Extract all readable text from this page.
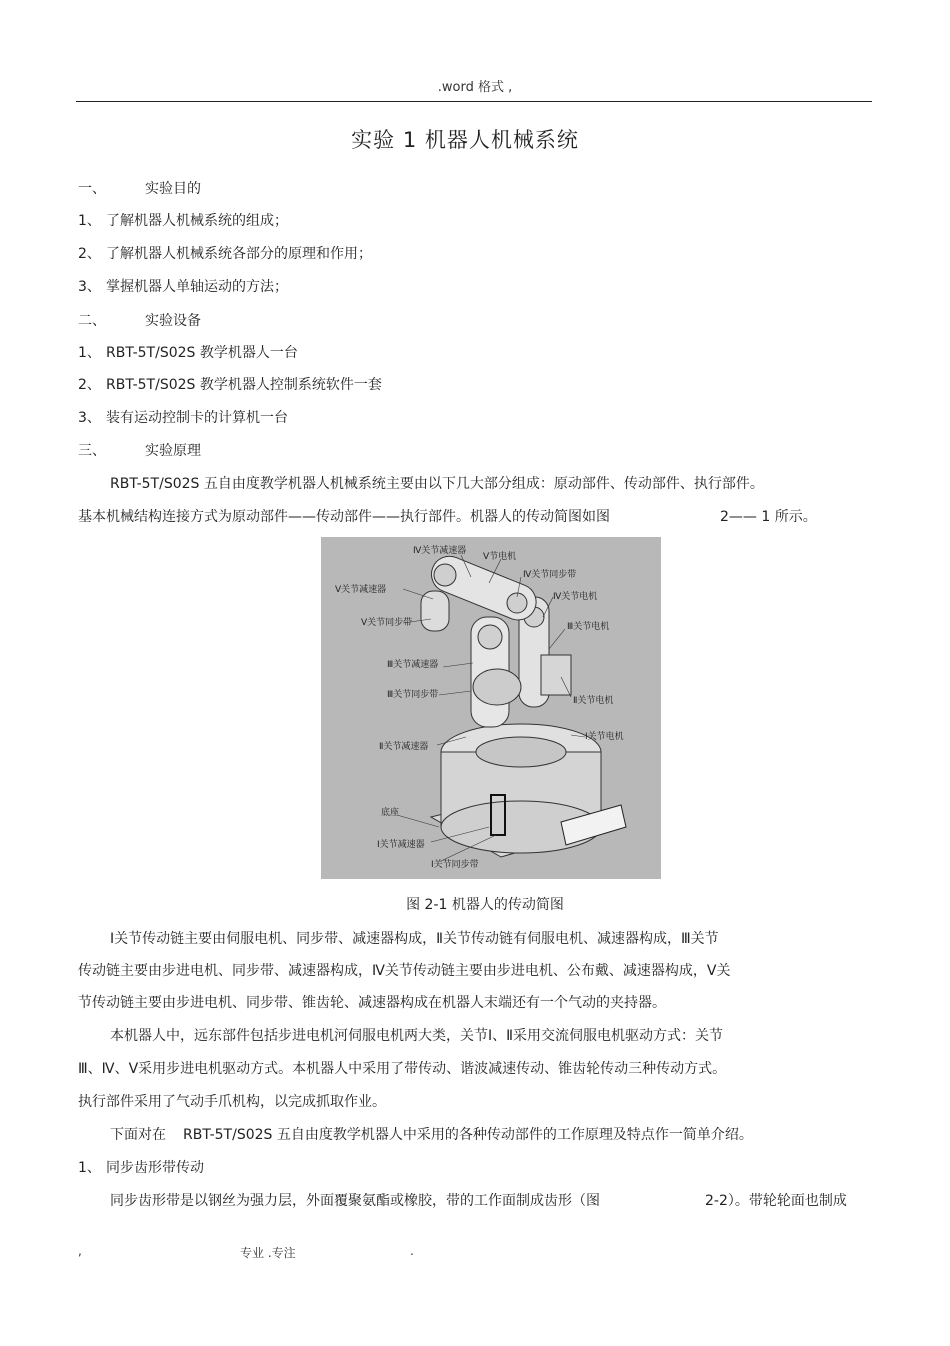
.word 格式 ,
实验 1 机器人机械系统
一、	实验目的
1、 了解机器人机械系统的组成；
2、 了解机器人机械系统各部分的原理和作用；
3、 掌握机器人单轴运动的方法；
二、	实验设备
1、 RBT-5T/S02S 教学机器人一台
2、 RBT-5T/S02S 教学机器人控制系统软件一套
3、 装有运动控制卡的计算机一台
三、	实验原理
RBT-5T/S02S 五自由度教学机器人机械系统主要由以下几大部分组成：原动部件、传动部件、执行部件。
基本机械结构连接方式为原动部件——传动部件——执行部件。机器人的传动简图如图	2—— 1 所示。
Ⅳ关节减速器
Ⅴ节电机
Ⅴ关节减速器
Ⅳ关节同步带
Ⅳ关节电机
Ⅴ关节同步带	Ⅲ关节电机
Ⅲ关节减速器
Ⅲ关节同步带
Ⅱ关节电机
Ⅱ关节减速器
Ⅰ关节电机
底座
Ⅰ关节减速器
Ⅰ关节同步带
图 2-1 机器人的传动简图
Ⅰ关节传动链主要由伺服电机、同步带、减速器构成，Ⅱ关节传动链有伺服电机、减速器构成，Ⅲ关节
传动链主要由步进电机、同步带、减速器构成，Ⅳ关节传动链主要由步进电机、公布戴、减速器构成，Ⅴ关
节传动链主要由步进电机、同步带、锥齿轮、减速器构成在机器人末端还有一个气动的夹持器。
本机器人中，远东部件包括步进电机河伺服电机两大类，关节Ⅰ、Ⅱ采用交流伺服电机驱动方式：关节
Ⅲ、Ⅳ、Ⅴ采用步进电机驱动方式。本机器人中采用了带传动、谐波减速传动、锥齿轮传动三种传动方式。
执行部件采用了气动手爪机构，以完成抓取作业。
下面对在 RBT-5T/S02S 五自由度教学机器人中采用的各种传动部件的工作原理及特点作一简单介绍。
1、 同步齿形带传动
同步齿形带是以钢丝为强力层，外面覆聚氨酯或橡胶，带的工作面制成齿形（图	2-2）。带轮轮面也制成
,	专业 .专注	.
